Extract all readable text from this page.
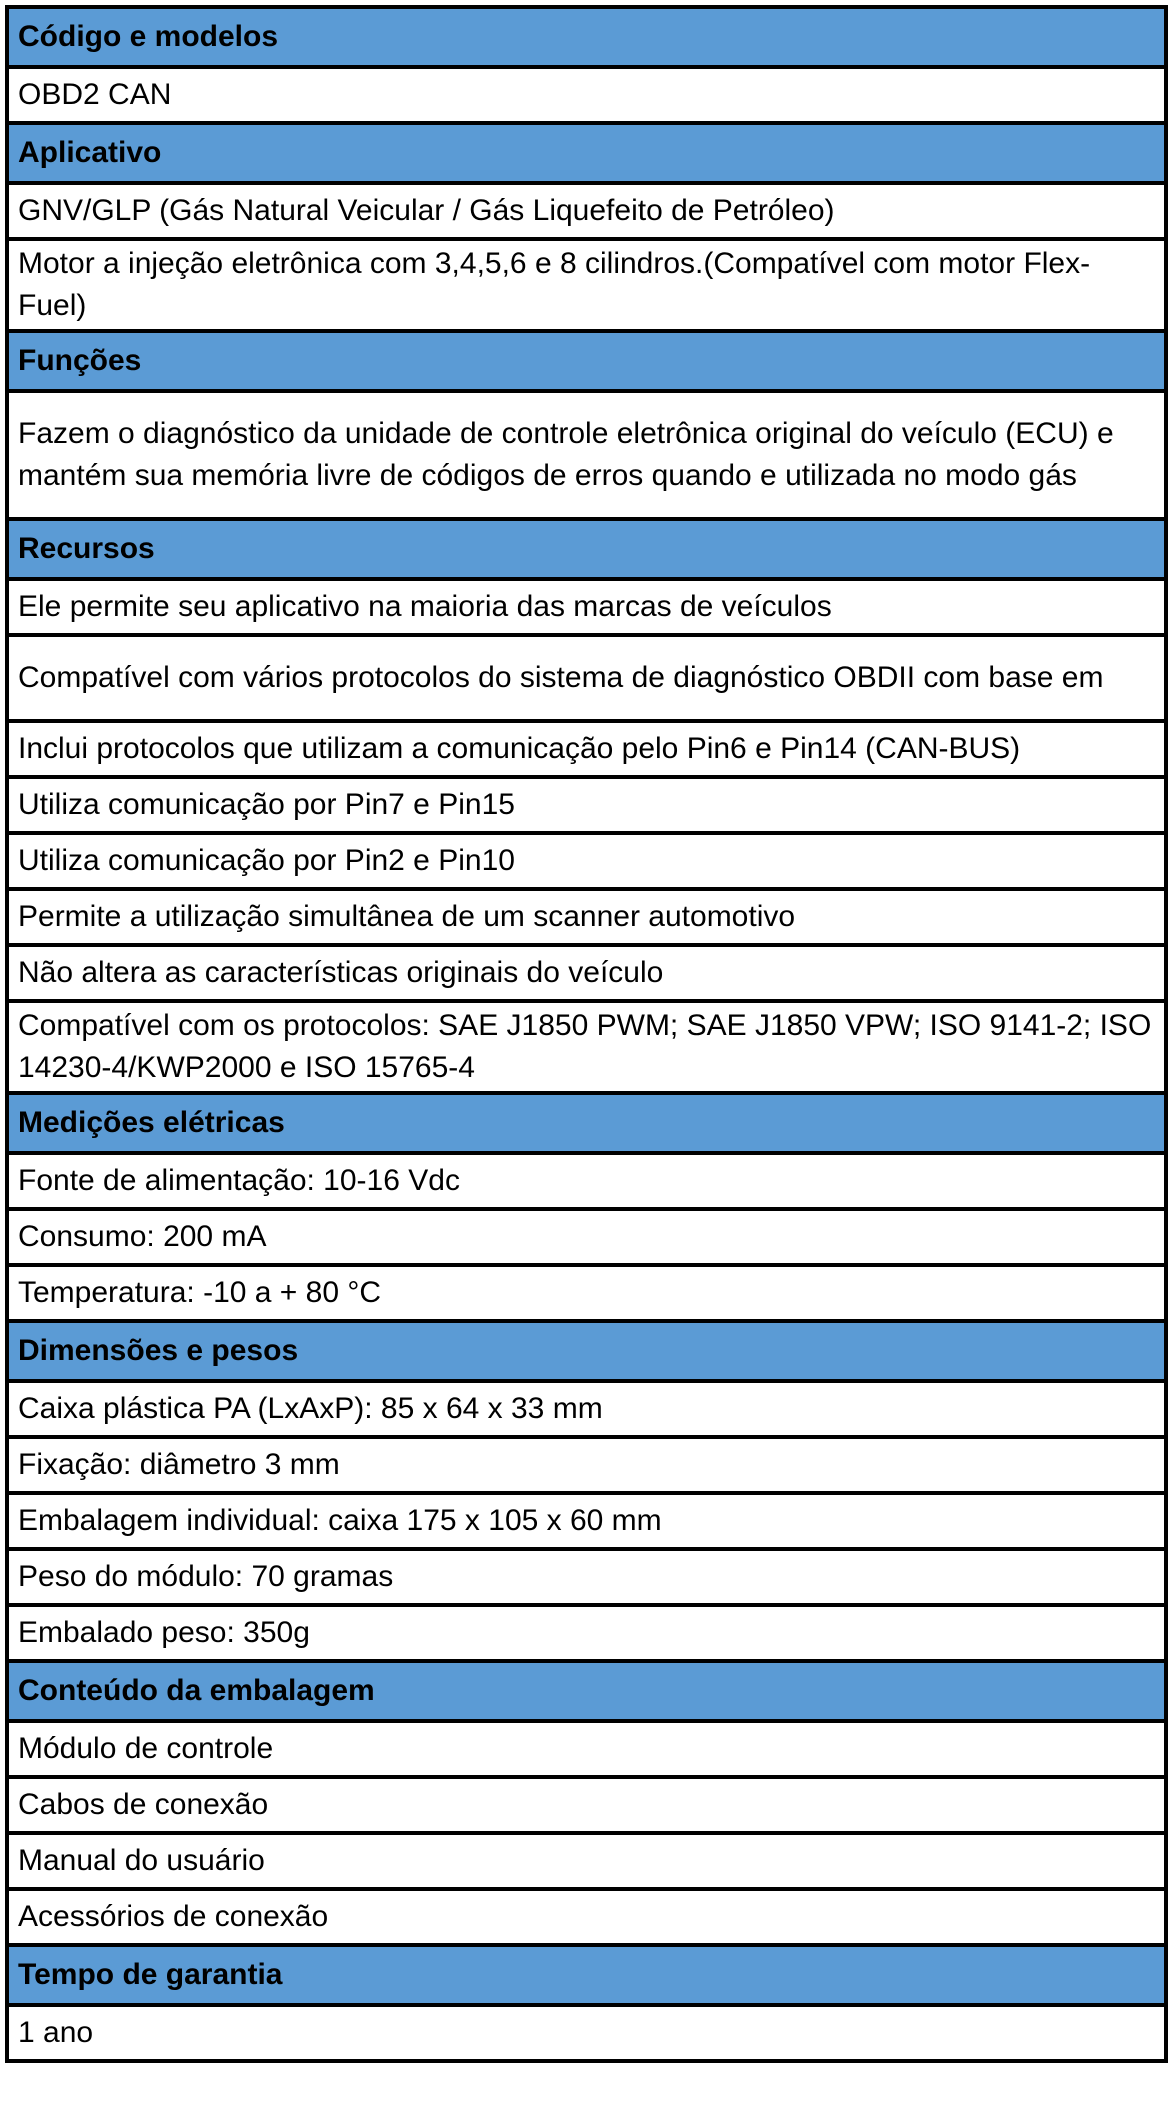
Código e modelos
OBD2 CAN
Aplicativo
GNV/GLP (Gás Natural Veicular / Gás Liquefeito de Petróleo)
Motor a injeção eletrônica com 3,4,5,6 e 8 cilindros.(Compatível com motor Flex-Fuel)
Funções
Fazem o diagnóstico da unidade de controle eletrônica original do veículo (ECU) e mantém sua memória livre de códigos de erros quando e utilizada no modo gás
Recursos
Ele permite seu aplicativo na maioria das marcas de veículos
Compatível com vários protocolos do sistema de diagnóstico OBDII com base em
Inclui protocolos que utilizam a comunicação pelo Pin6 e Pin14 (CAN-BUS)
Utiliza comunicação por Pin7 e Pin15
Utiliza comunicação por Pin2 e Pin10
Permite a utilização simultânea de um scanner automotivo
Não altera as características originais do veículo
Compatível com os protocolos: SAE J1850 PWM; SAE J1850 VPW; ISO 9141-2; ISO 14230-4/KWP2000 e ISO 15765-4
Medições elétricas
Fonte de alimentação: 10-16 Vdc
Consumo: 200 mA
Temperatura: -10 a + 80 °C
Dimensões e pesos
Caixa plástica PA (LxAxP): 85 x 64 x 33 mm
Fixação: diâmetro 3 mm
Embalagem individual: caixa 175 x 105 x 60 mm
Peso do módulo: 70 gramas
Embalado peso: 350g
Conteúdo da embalagem
Módulo de controle
Cabos de conexão
Manual do usuário
Acessórios de conexão
Tempo de garantia
1 ano
